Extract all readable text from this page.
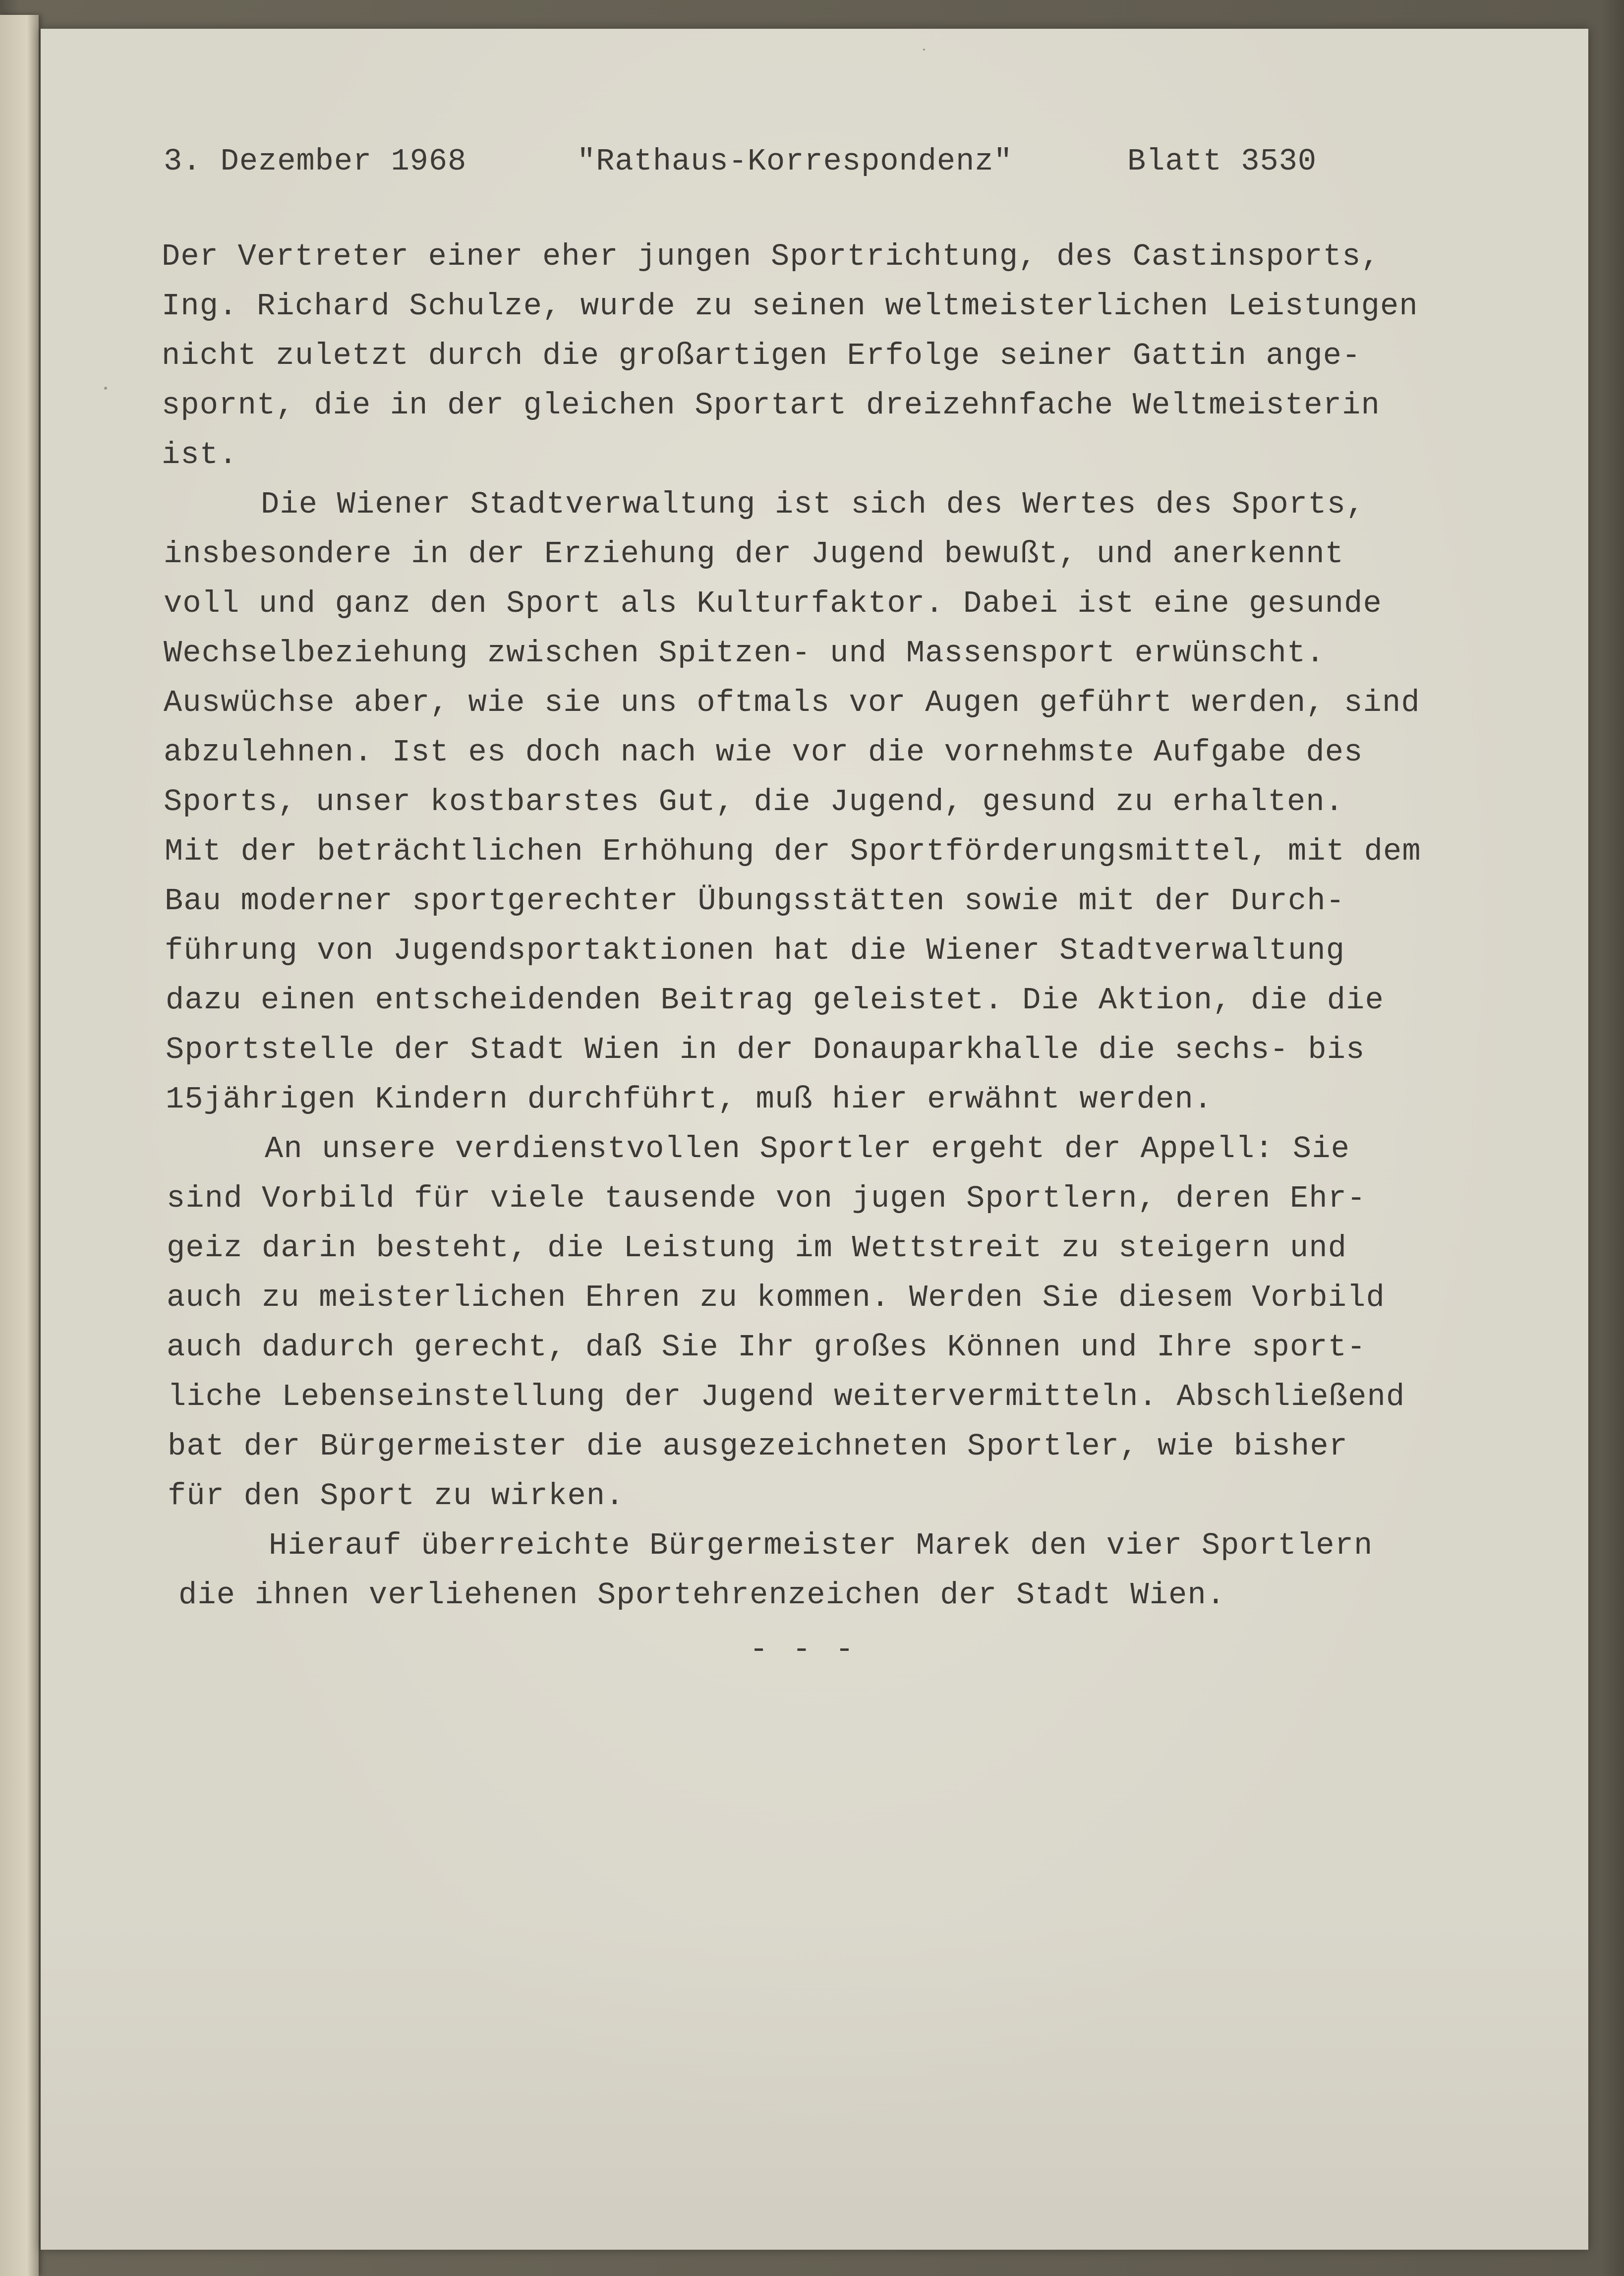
3. Dezember 1968	"Rathaus-Korrespondenz"	Blatt 3530
Der Vertreter einer eher jungen Sportrichtung, des Castinsports,
Ing. Richard Schulze, wurde zu seinen weltmeisterlichen Leistungen
nicht zuletzt durch die großartigen Erfolge seiner Gattin ange-
spornt, die in der gleichen Sportart dreizehnfache Weltmeisterin
ist.
Die Wiener Stadtverwaltung ist sich des Wertes des Sports,
insbesondere in der Erziehung der Jugend bewußt, und anerkennt
voll und ganz den Sport als Kulturfaktor. Dabei ist eine gesunde
Wechselbeziehung zwischen Spitzen- und Massensport erwünscht.
Auswüchse aber, wie sie uns oftmals vor Augen geführt werden, sind
abzulehnen. Ist es doch nach wie vor die vornehmste Aufgabe des
Sports, unser kostbarstes Gut, die Jugend, gesund zu erhalten.
Mit der beträchtlichen Erhöhung der Sportförderungsmittel, mit dem
Bau moderner sportgerechter Übungsstätten sowie mit der Durch-
führung von Jugendsportaktionen hat die Wiener Stadtverwaltung
dazu einen entscheidenden Beitrag geleistet. Die Aktion, die die
Sportstelle der Stadt Wien in der Donauparkhalle die sechs- bis
15jährigen Kindern durchführt, muß hier erwähnt werden.
An unsere verdienstvollen Sportler ergeht der Appell: Sie
sind Vorbild für viele tausende von jugen Sportlern, deren Ehr-
geiz darin besteht, die Leistung im Wettstreit zu steigern und
auch zu meisterlichen Ehren zu kommen. Werden Sie diesem Vorbild
auch dadurch gerecht, daß Sie Ihr großes Können und Ihre sport-
liche Lebenseinstellung der Jugend weitervermitteln. Abschließend
bat der Bürgermeister die ausgezeichneten Sportler, wie bisher
für den Sport zu wirken.
Hierauf überreichte Bürgermeister Marek den vier Sportlern
die ihnen verliehenen Sportehrenzeichen der Stadt Wien.
- - -
